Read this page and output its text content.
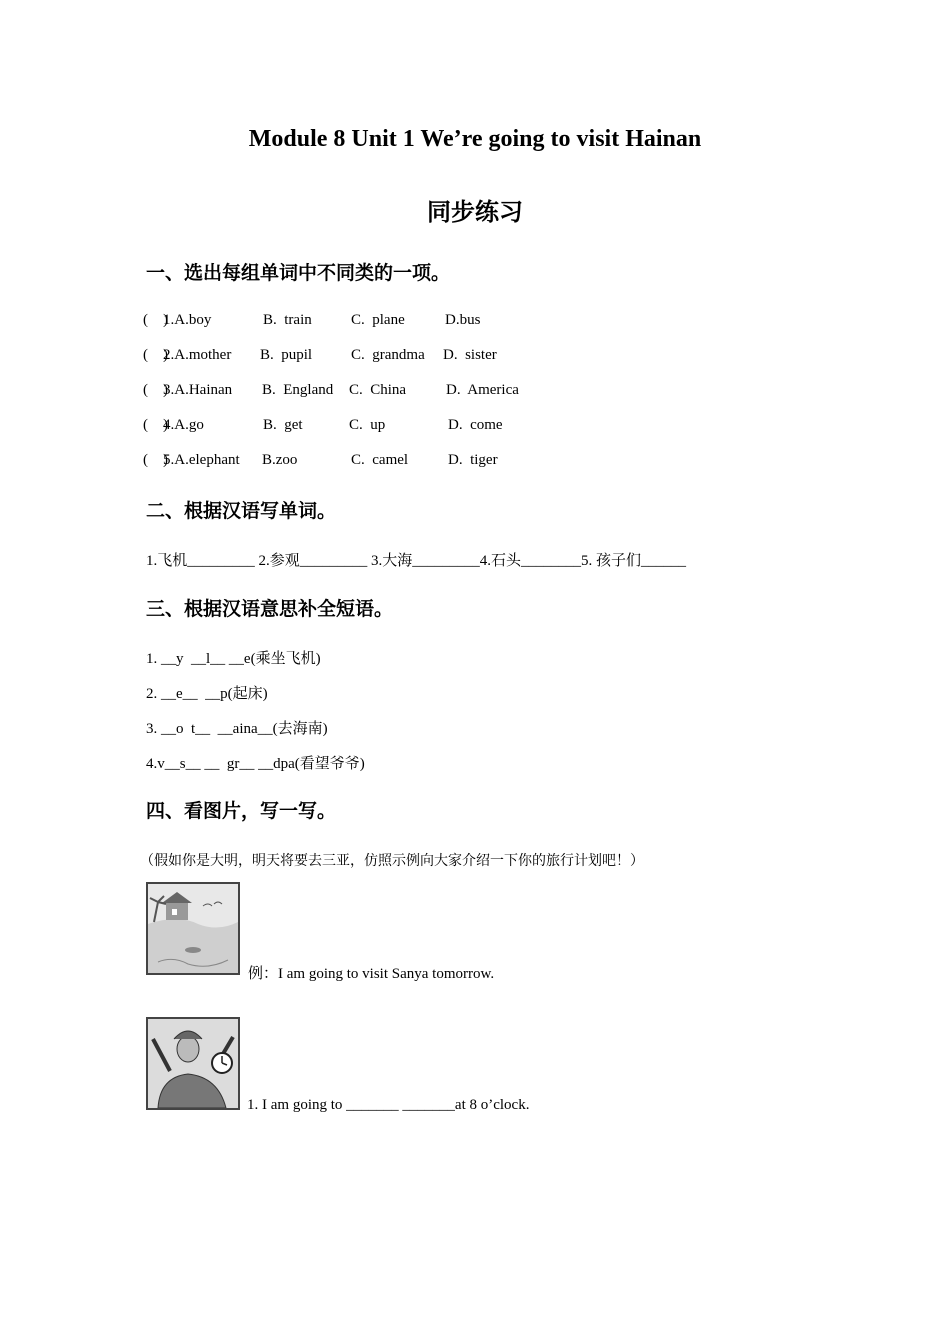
Module 8 Unit 1 We’re going to visit Hainan
同步练习
一、选出每组单词中不同类的一项。
(    )
1.A.boy	B.  train	C.  plane	D.bus
(    )
2.A.mother B.  pupil	C.  grandma D.  sister
(    )
3.A.Hainan B.  England C.  China	D.  America
(    )
4.A.go	B.  get	C.  up	D.  come
(    )
5.A.elephant B.zoo	C.  camel	D.  tiger
二、根据汉语写单词。
1.飞机_________ 2.参观_________ 3.大海_________4.石头________5. 孩子们______
三、根据汉语意思补全短语。
1. __y  __l__ __e(乘坐飞机)
2. __e__  __p(起床)
3. __o  t__  __aina__(去海南)
4.v__s__ __  gr__ __dpa(看望爷爷)
四、看图片，写一写。
（假如你是大明，明天将要去三亚，仿照示例向大家介绍一下你的旅行计划吧！）
例：I am going to visit Sanya tomorrow.
1. I am going to _______ _______at 8 o’clock.
